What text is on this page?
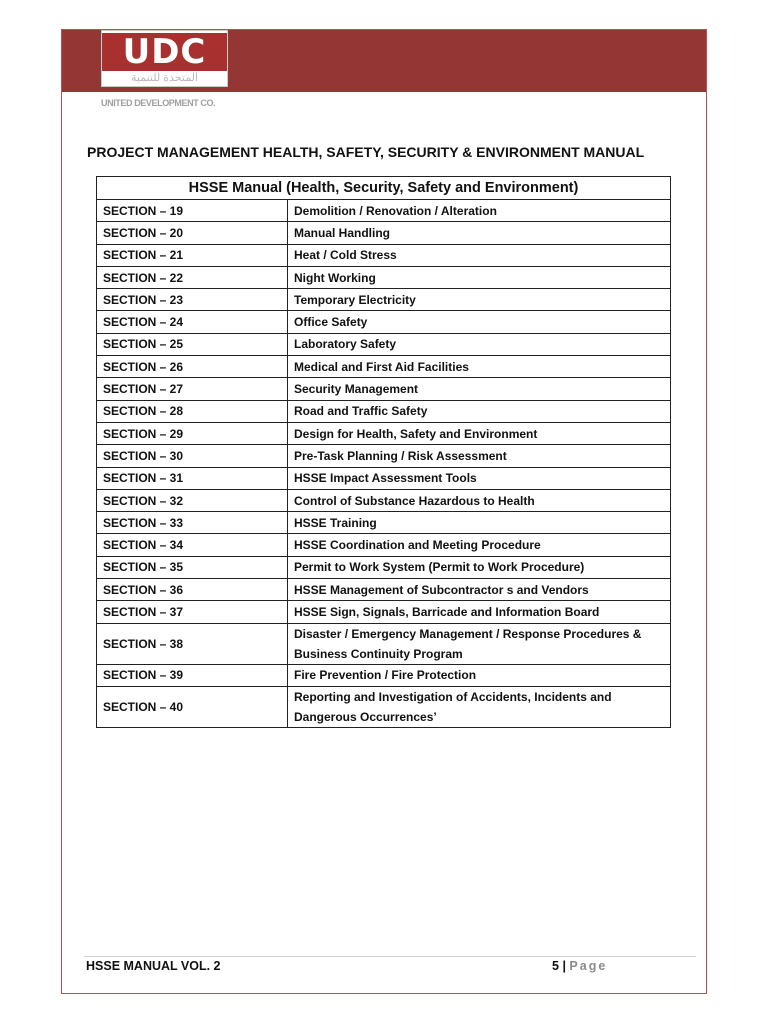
UDC
المتحدة للتنمية
UNITED DEVELOPMENT CO.
PROJECT MANAGEMENT HEALTH, SAFETY, SECURITY & ENVIRONMENT MANUAL
HSSE Manual (Health, Security, Safety and Environment)	
SECTION – 19	Demolition / Renovation / Alteration
SECTION – 20	Manual Handling
SECTION – 21	Heat / Cold Stress
SECTION – 22	Night Working
SECTION – 23	Temporary Electricity
SECTION – 24	Office Safety
SECTION – 25	Laboratory Safety
SECTION – 26	Medical and First Aid Facilities
SECTION – 27	Security Management
SECTION – 28	Road and Traffic Safety
SECTION – 29	Design for Health, Safety and Environment
SECTION – 30	Pre-Task Planning / Risk Assessment
SECTION – 31	HSSE Impact Assessment Tools
SECTION – 32	Control of Substance Hazardous to Health
SECTION – 33	HSSE Training
SECTION – 34	HSSE Coordination and Meeting Procedure
SECTION – 35	Permit to Work System (Permit to Work Procedure)
SECTION – 36	HSSE Management of Subcontractor s and Vendors
SECTION – 37	HSSE Sign, Signals, Barricade and Information Board
SECTION – 38	Disaster / Emergency Management / Response Procedures & Business Continuity Program
SECTION – 39	Fire Prevention / Fire Protection
SECTION – 40	Reporting and Investigation of Accidents, Incidents and Dangerous Occurrences’
HSSE MANUAL VOL. 2	5 | Page
